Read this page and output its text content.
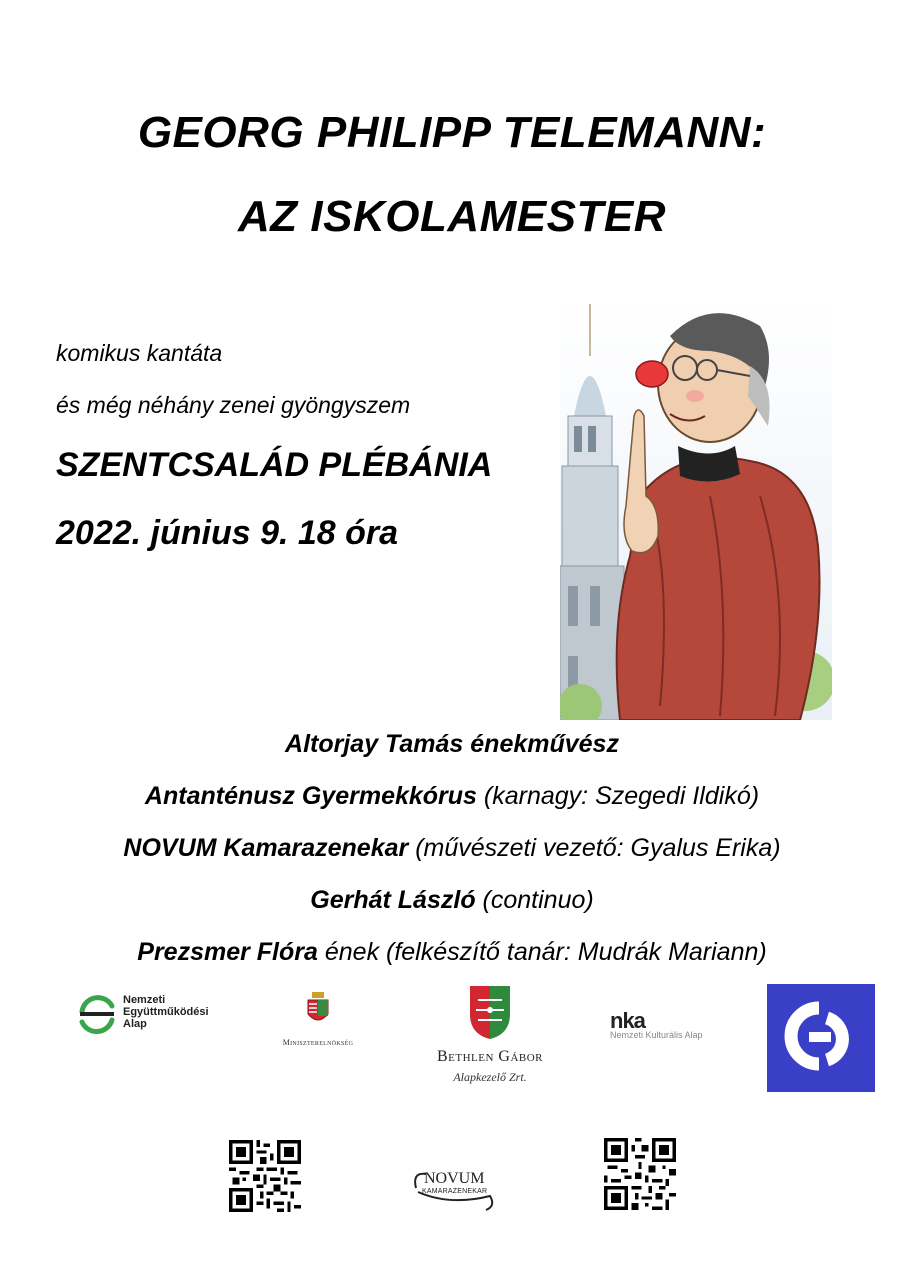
GEORG PHILIPP TELEMANN:
AZ ISKOLAMESTER
komikus kantáta
és még néhány zenei gyöngyszem
SZENTCSALÁD PLÉBÁNIA
2022. június 9. 18 óra
Altorjay Tamás énekművész
Antanténusz Gyermekkórus (karnagy: Szegedi Ildikó)
NOVUM Kamarazenekar (művészeti vezető: Gyalus Erika)
Gerhát László (continuo)
Prezsmer Flóra ének (felkészítő tanár: Mudrák Mariann)
Nemzeti
Együttműködési
Alap
Miniszterelnökség
Bethlen Gábor
Alapkezelő Zrt.
nka
Nemzeti Kulturális Alap
NOVUM
KAMARAZENEKAR
